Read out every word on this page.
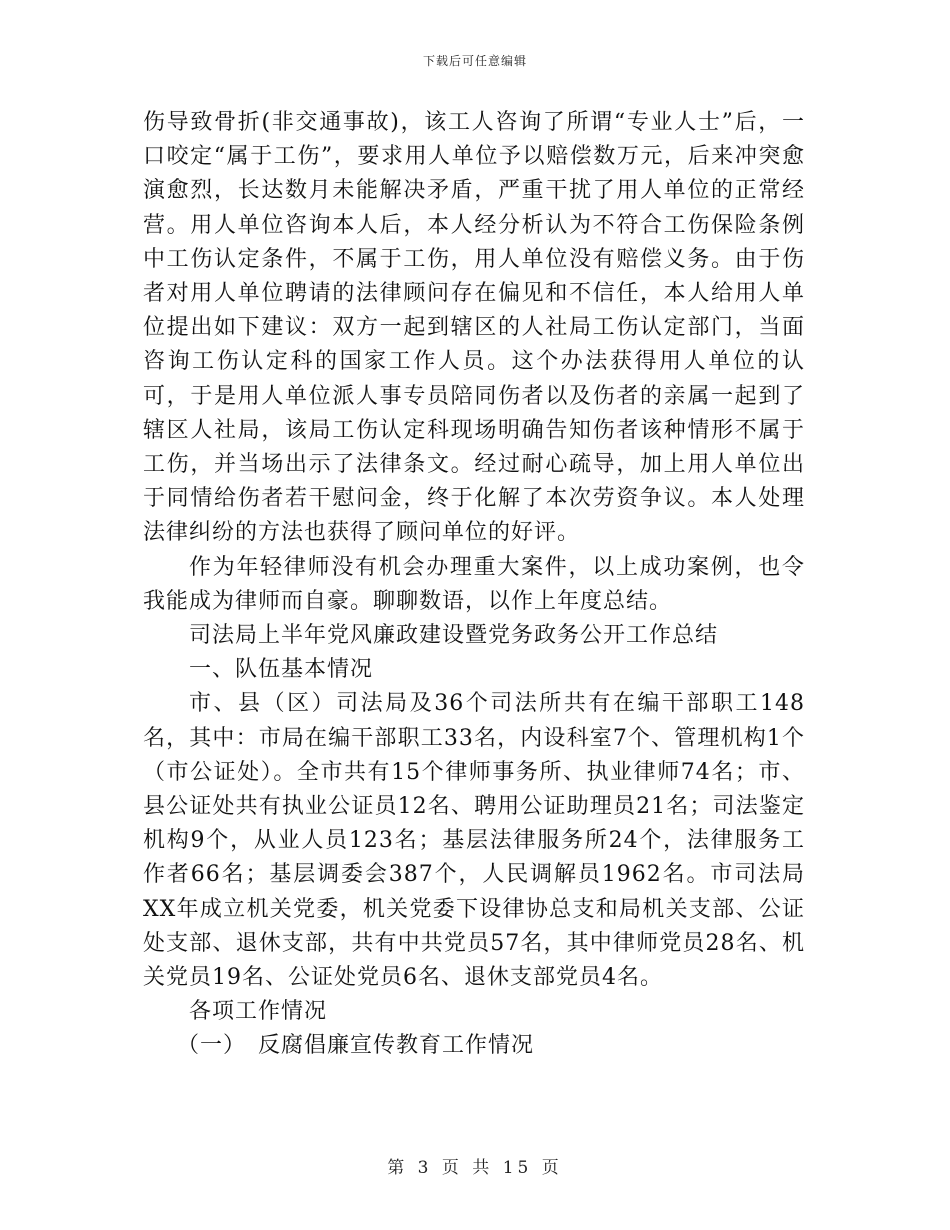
下载后可任意编辑

伤导致骨折(非交通事故)，该工人咨询了所谓“专业人士”后，一口咬定“属于工伤”，要求用人单位予以赔偿数万元，后来冲突愈演愈烈，长达数月未能解决矛盾，严重干扰了用人单位的正常经营。用人单位咨询本人后，本人经分析认为不符合工伤保险条例中工伤认定条件，不属于工伤，用人单位没有赔偿义务。由于伤者对用人单位聘请的法律顾问存在偏见和不信任，本人给用人单位提出如下建议：双方一起到辖区的人社局工伤认定部门，当面咨询工伤认定科的国家工作人员。这个办法获得用人单位的认可，于是用人单位派人事专员陪同伤者以及伤者的亲属一起到了辖区人社局，该局工伤认定科现场明确告知伤者该种情形不属于工伤，并当场出示了法律条文。经过耐心疏导，加上用人单位出于同情给伤者若干慰问金，终于化解了本次劳资争议。本人处理法律纠纷的方法也获得了顾问单位的好评。

作为年轻律师没有机会办理重大案件，以上成功案例，也令我能成为律师而自豪。聊聊数语，以作上年度总结。

司法局上半年党风廉政建设暨党务政务公开工作总结

一、队伍基本情况

市、县（区）司法局及36个司法所共有在编干部职工148名，其中：市局在编干部职工33名，内设科室7个、管理机构1个（市公证处）。全市共有15个律师事务所、执业律师74名；市、县公证处共有执业公证员12名、聘用公证助理员21名；司法鉴定机构9个，从业人员123名；基层法律服务所24个，法律服务工作者66名；基层调委会387个，人民调解员1962名。市司法局XX年成立机关党委，机关党委下设律协总支和局机关支部、公证处支部、退休支部，共有中共党员57名，其中律师党员28名、机关党员19名、公证处党员6名、退休支部党员4名。

各项工作情况

（一）　反腐倡廉宣传教育工作情况

第 3 页 共 15 页
